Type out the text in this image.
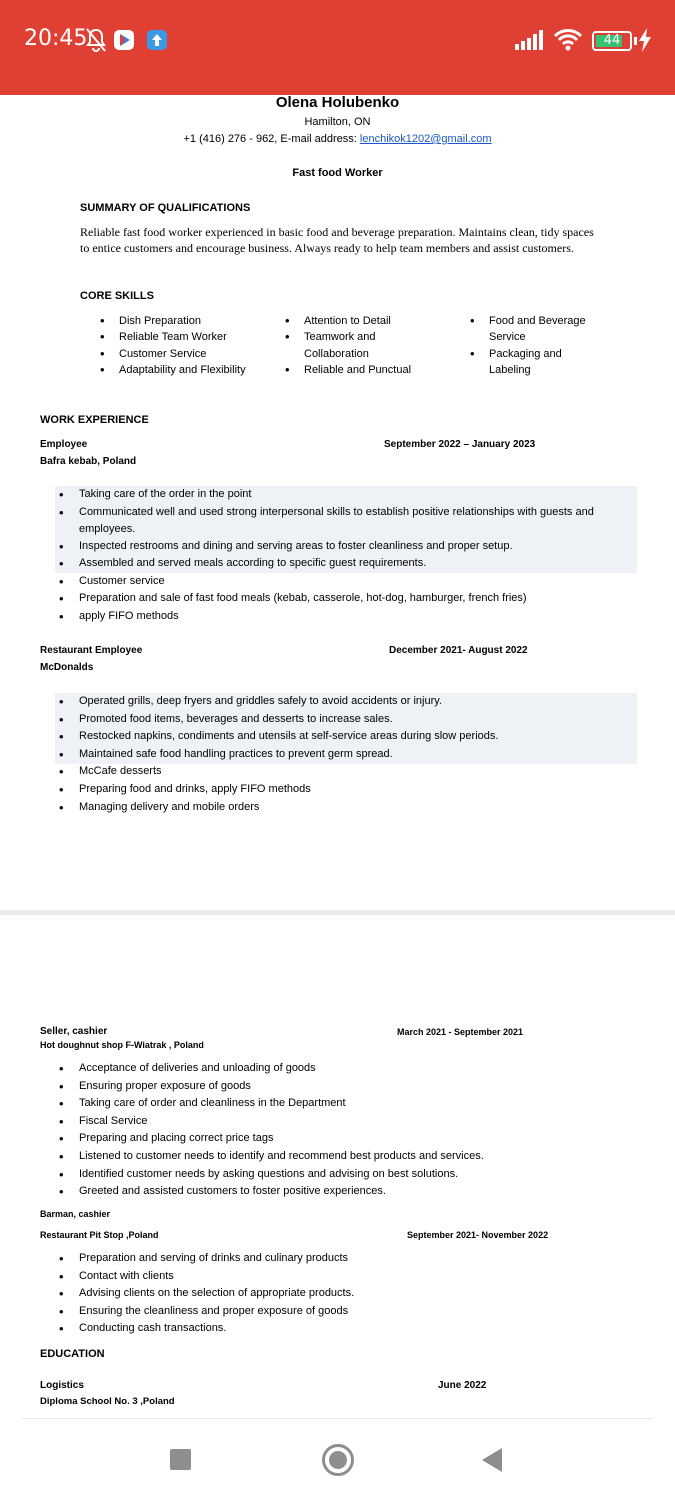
20:45	44
Olena Holubenko
Hamilton, ON
+1 (416) 276 - 962, E-mail address: lenchikok1202@gmail.com
Fast food Worker
SUMMARY OF QUALIFICATIONS
Reliable fast food worker experienced in basic food and beverage preparation. Maintains clean, tidy spaces to entice customers and encourage business. Always ready to help team members and assist customers.
CORE SKILLS
• Dish Preparation
• Reliable Team Worker
• Customer Service
• Adaptability and Flexibility
• Attention to Detail
• Teamwork and Collaboration
• Reliable and Punctual
• Food and Beverage Service
• Packaging and Labeling
WORK EXPERIENCE
Employee	September 2022 – January 2023
Bafra kebab, Poland
• Taking care of the order in the point
• Communicated well and used strong interpersonal skills to establish positive relationships with guests and employees.
• Inspected restrooms and dining and serving areas to foster cleanliness and proper setup.
• Assembled and served meals according to specific guest requirements.
• Customer service
• Preparation and sale of fast food meals (kebab, casserole, hot-dog, hamburger, french fries)
• apply FIFO methods
Restaurant Employee	December 2021- August 2022
McDonalds
• Operated grills, deep fryers and griddles safely to avoid accidents or injury.
• Promoted food items, beverages and desserts to increase sales.
• Restocked napkins, condiments and utensils at self-service areas during slow periods.
• Maintained safe food handling practices to prevent germ spread.
• McCafe desserts
• Preparing food and drinks, apply FIFO methods
• Managing delivery and mobile orders
Seller, cashier	March 2021 - September 2021
Hot doughnut shop F-Wiatrak , Poland
• Acceptance of deliveries and unloading of goods
• Ensuring proper exposure of goods
• Taking care of order and cleanliness in the Department
• Fiscal Service
• Preparing and placing correct price tags
• Listened to customer needs to identify and recommend best products and services.
• Identified customer needs by asking questions and advising on best solutions.
• Greeted and assisted customers to foster positive experiences.
Barman, cashier
Restaurant Pit Stop ,Poland	September 2021- November 2022
• Preparation and serving of drinks and culinary products
• Contact with clients
• Advising clients on the selection of appropriate products.
• Ensuring the cleanliness and proper exposure of goods
• Conducting cash transactions.
EDUCATION
Logistics	June 2022
Diploma School No. 3 ,Poland
